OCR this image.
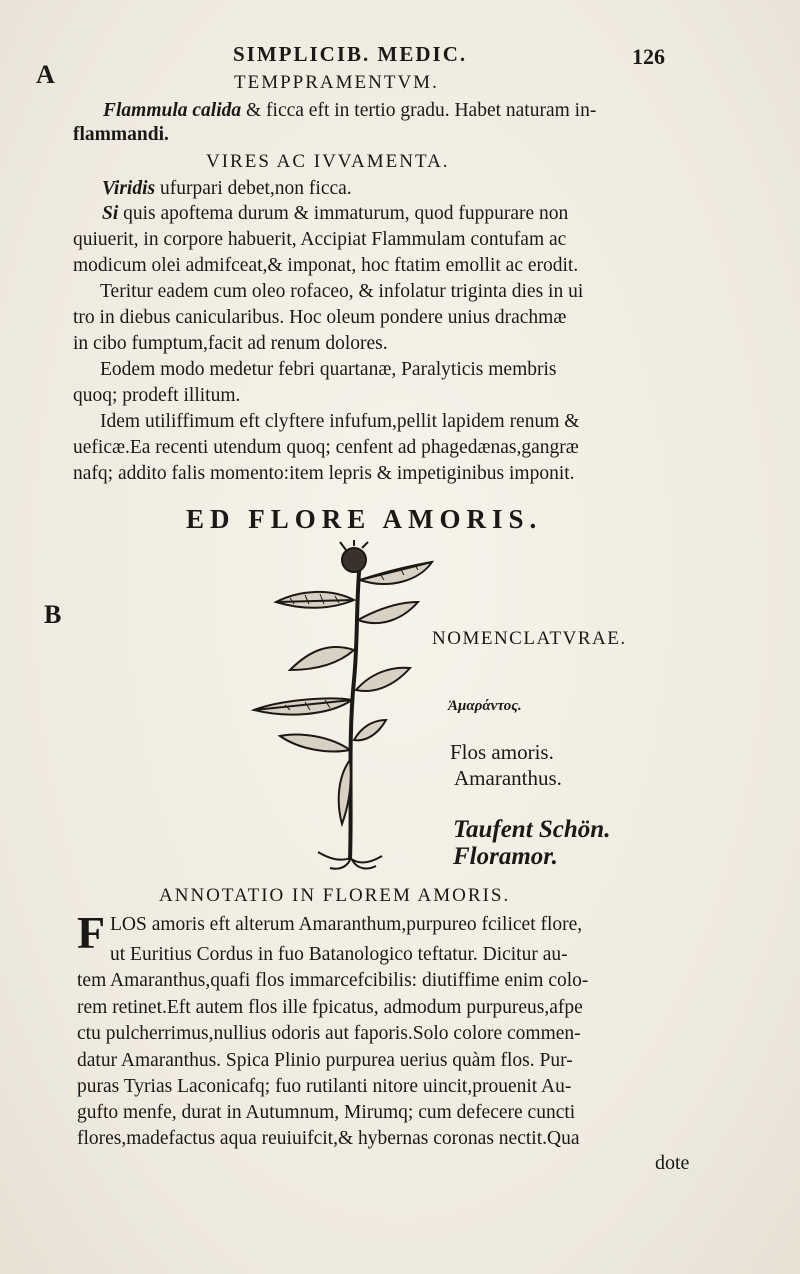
SIMPLICIB. MEDIC.	126
A	TEMPPRAMENTVM.
Flammula calida & ficca eft in tertio gradu. Habet naturam in-
flammandi.
VIRES AC IVVAMENTA.
Viridis ufurpari debet,non ficca.
Si quis apoftema durum & immaturum, quod fuppurare non
quiuerit, in corpore habuerit, Accipiat Flammulam contufam ac
modicum olei admifceat,& imponat, hoc ftatim emollit ac erodit.
Teritur eadem cum oleo rofaceo, & infolatur triginta dies in ui
tro in diebus canicularibus. Hoc oleum pondere unius drachmæ
in cibo fumptum,facit ad renum dolores.
Eodem modo medetur febri quartanæ, Paralyticis membris
quoq; prodeft illitum.
Idem utiliffimum eft clyftere infufum,pellit lapidem renum &
ueficæ.Ea recenti utendum quoq; cenfent ad phagedænas,gangræ
nafq; addito falis momento:item lepris & impetiginibus imponit.
ED FLORE AMORIS.
B
NOMENCLATVRAE.
Ἀμαράντος.
Flos amoris.
Amaranthus.
Taufent Schön.
Floramor.
ANNOTATIO IN FLOREM AMORIS.
F LOS amoris eft alterum Amaranthum,purpureo fcilicet flore,
ut Euritius Cordus in fuo Batanologico teftatur. Dicitur au-
tem Amaranthus,quafi flos immarcefcibilis: diutiffime enim colo-
rem retinet.Eft autem flos ille fpicatus, admodum purpureus,afpe
ctu pulcherrimus,nullius odoris aut faporis.Solo colore commen-
datur Amaranthus. Spica Plinio purpurea uerius quàm flos. Pur-
puras Tyrias Laconicafq; fuo rutilanti nitore uincit,prouenit Au-
gufto menfe, durat in Autumnum, Mirumq; cum defecere cuncti
flores,madefactus aqua reuiuifcit,& hybernas coronas nectit.Qua
dote
